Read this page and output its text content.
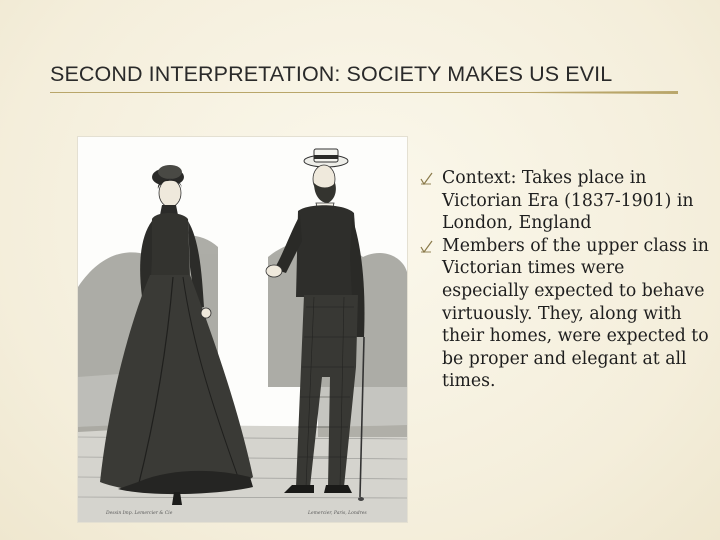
SECOND INTERPRETATION: SOCIETY MAKES US EVIL
Dessin Imp. Lemercier & Cie	Lemercier, Paris, Londres
Context: Takes place in Victorian Era (1837-1901) in London, England
Members of the upper class in Victorian times were especially expected to behave virtuously. They, along with their homes, were expected to be proper and elegant at all times.
